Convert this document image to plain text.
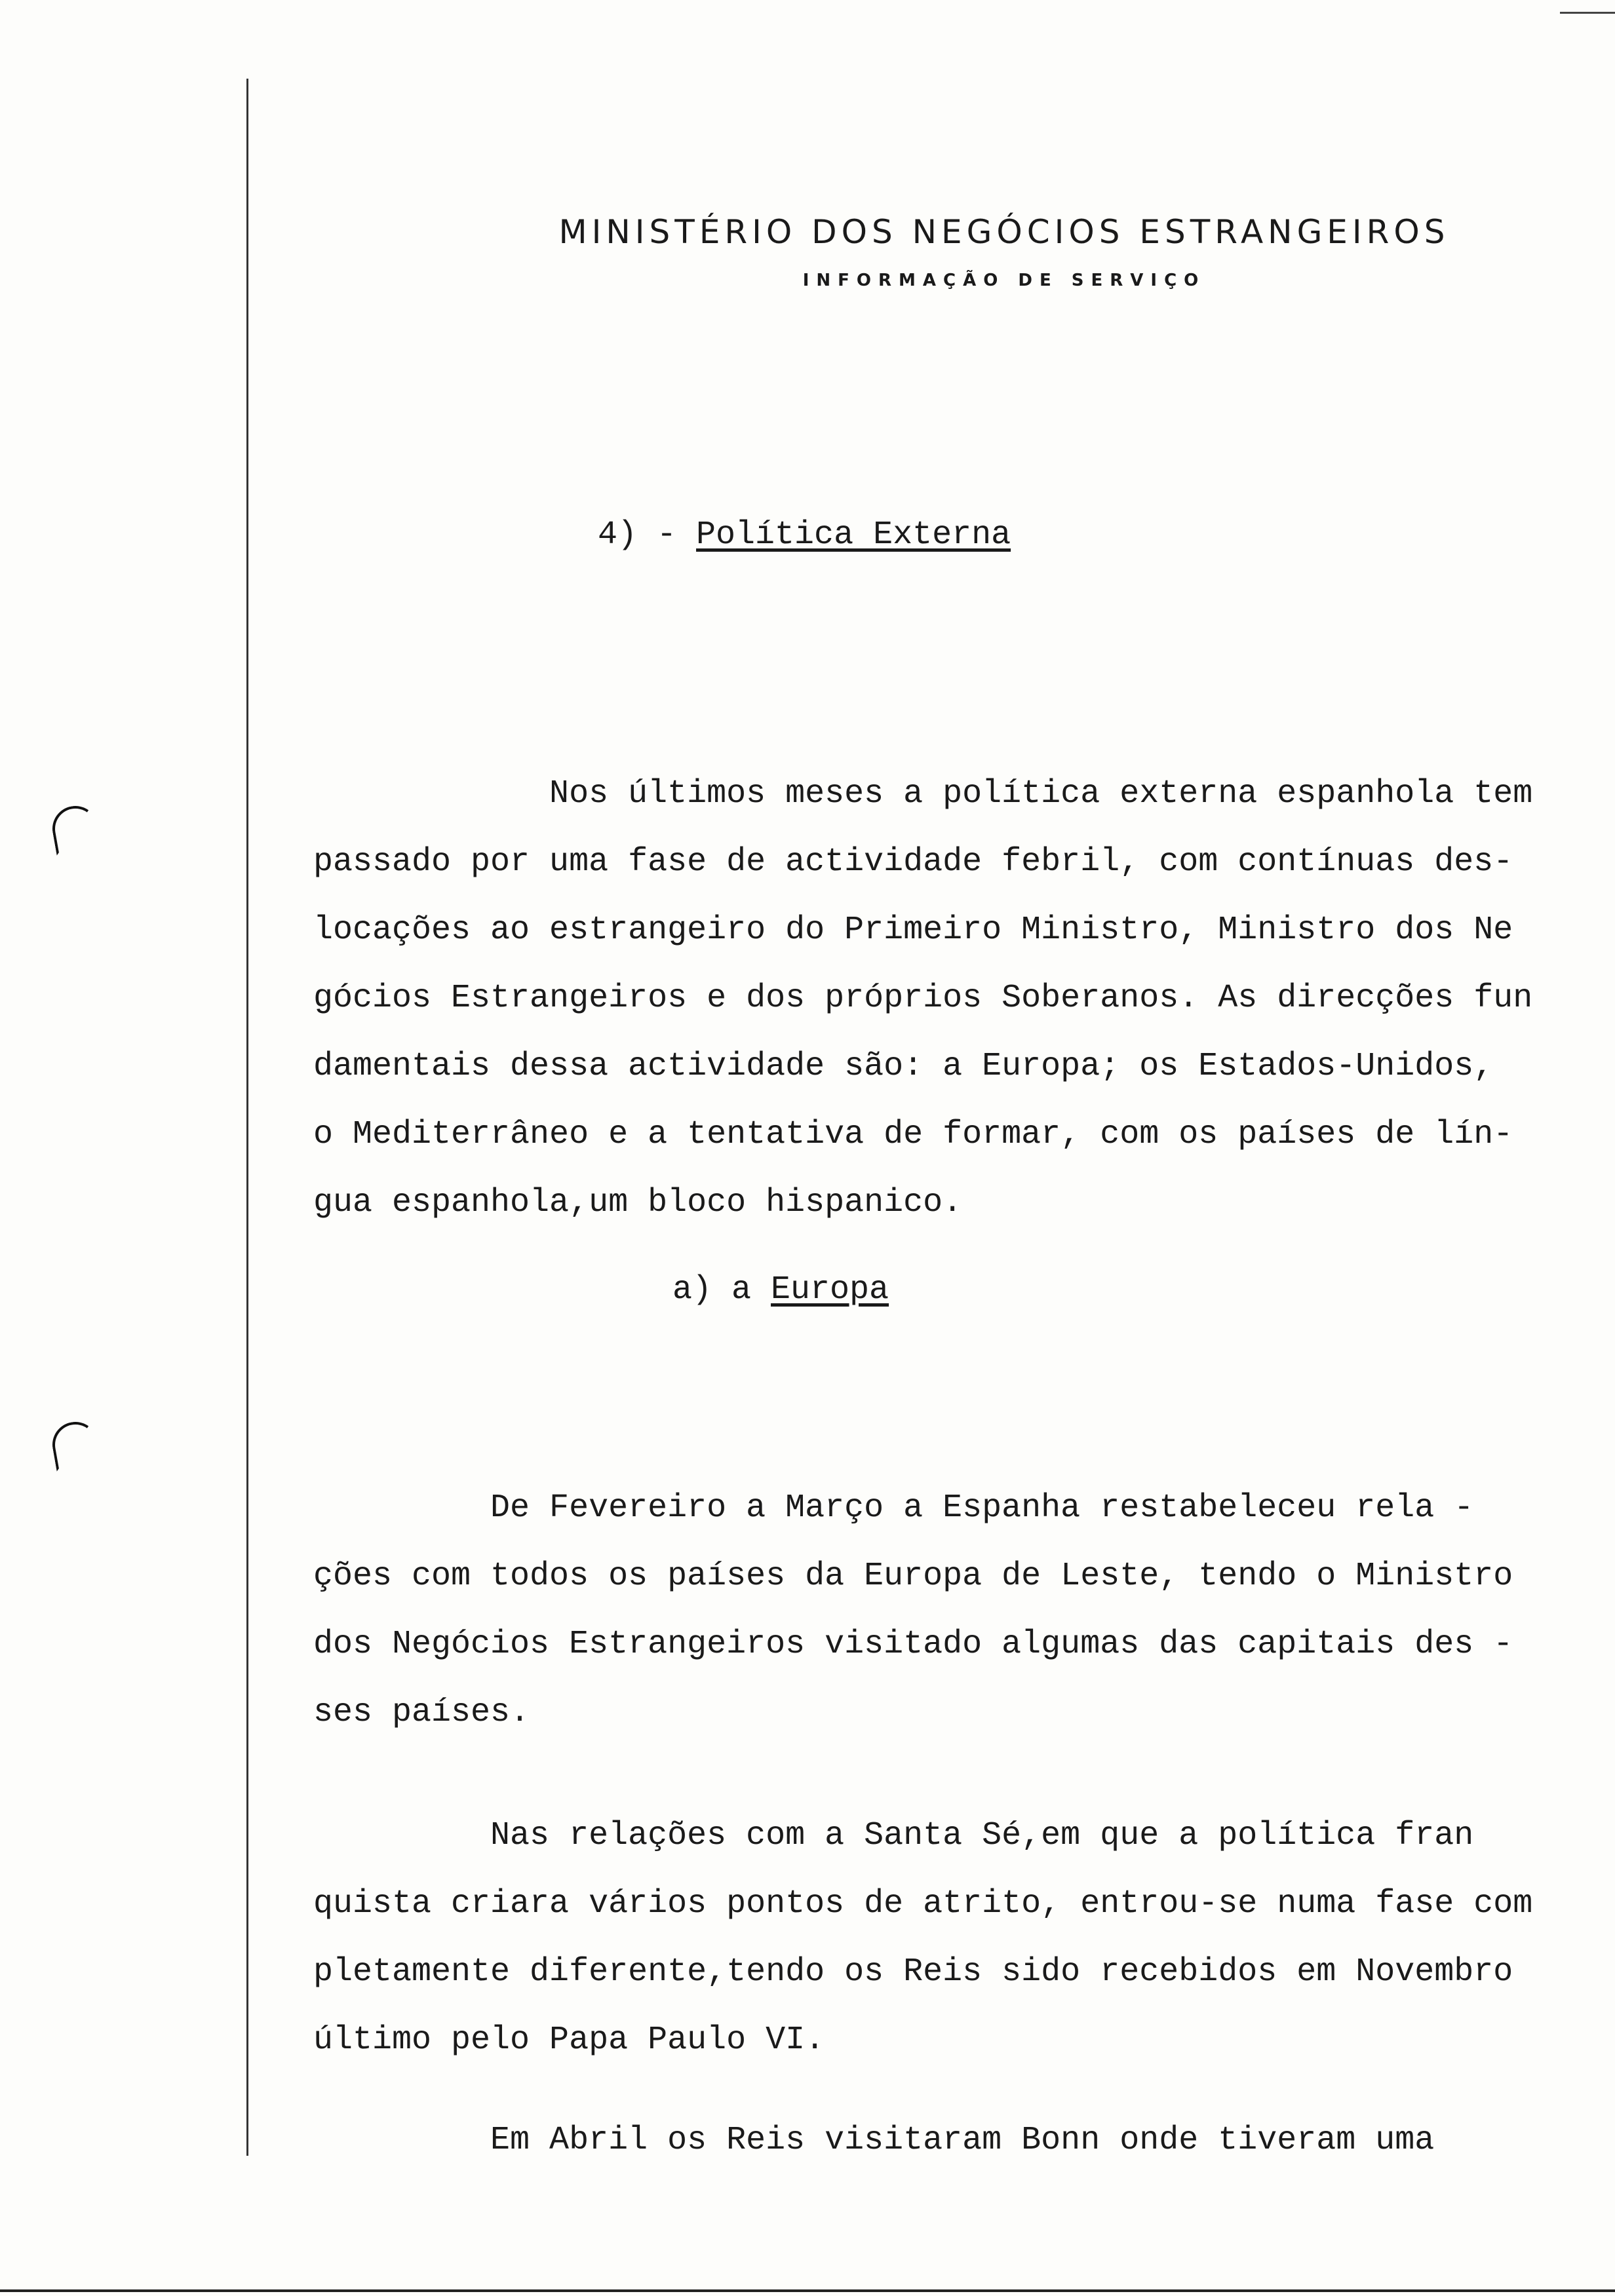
MINISTÉRIO DOS NEGÓCIOS ESTRANGEIROS
INFORMAÇÃO DE SERVIÇO
4) - Política Externa
Nos últimos meses a política externa espanhola tem
passado por uma fase de actividade febril, com contínuas des-
locações ao estrangeiro do Primeiro Ministro, Ministro dos Ne
gócios Estrangeiros e dos próprios Soberanos. As direcções fun
damentais dessa actividade são: a Europa; os Estados-Unidos,
o Mediterrâneo e a tentativa de formar, com os países de lín-
gua espanhola,um bloco hispanico.
a) a Europa
De Fevereiro a Março a Espanha restabeleceu rela -
ções com todos os países da Europa de Leste, tendo o Ministro
dos Negócios Estrangeiros visitado algumas das capitais des -
ses países.
Nas relações com a Santa Sé,em que a política fran
quista criara vários pontos de atrito, entrou-se numa fase com
pletamente diferente,tendo os Reis sido recebidos em Novembro
último pelo Papa Paulo VI.
Em Abril os Reis visitaram Bonn onde tiveram uma
